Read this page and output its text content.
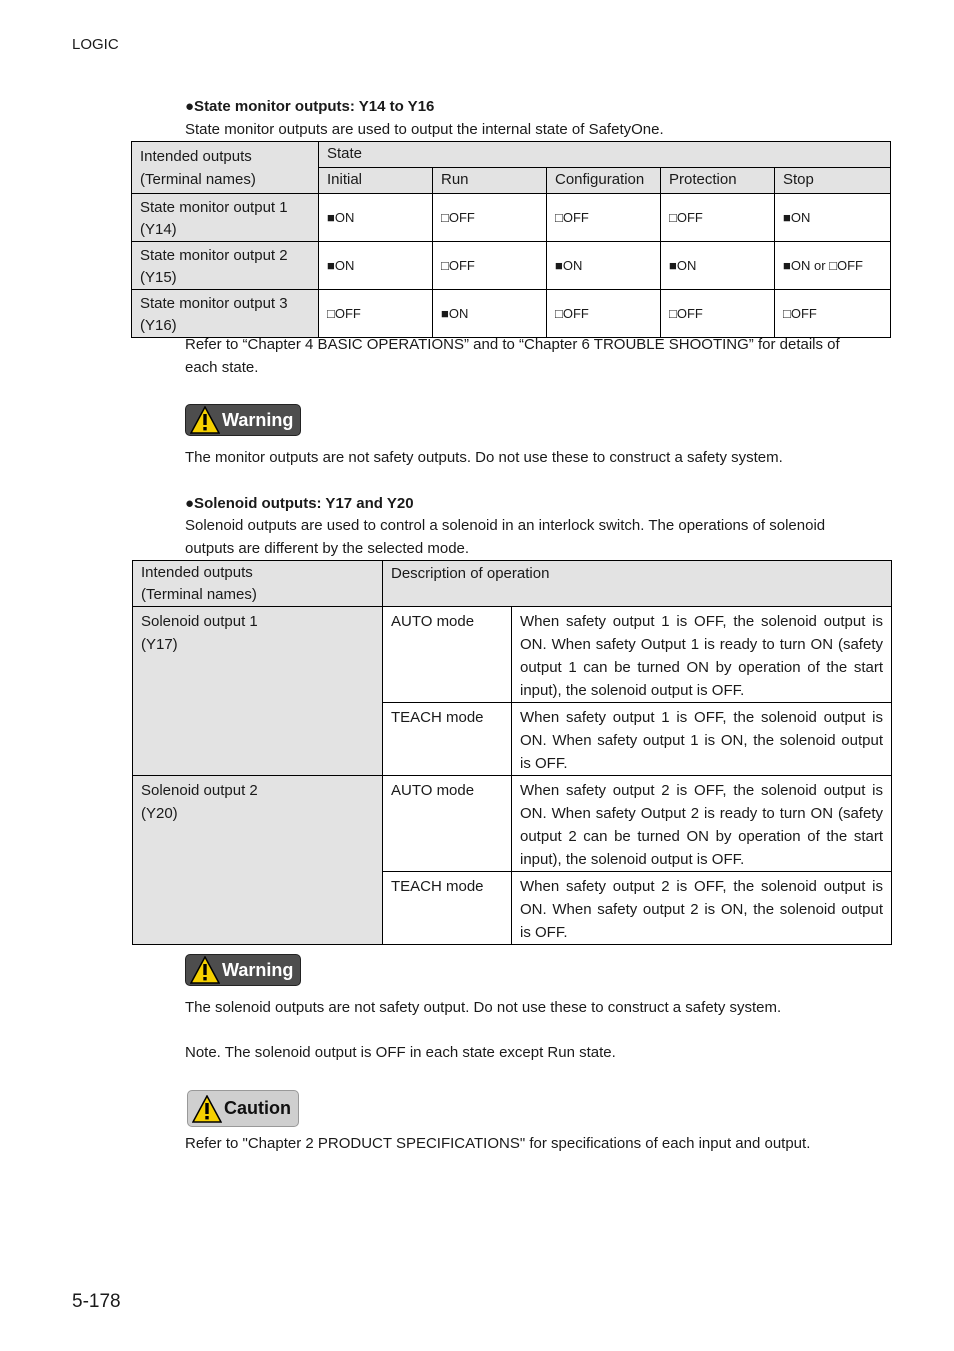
LOGIC
●State monitor outputs: Y14 to Y16
State monitor outputs are used to output the internal state of SafetyOne.
Intended outputs
(Terminal names)	State				
	Initial	Run	Configuration	Protection	Stop

State monitor output 1
(Y14)	■ON	□OFF	□OFF	□OFF	■ON

State monitor output 2
(Y15)	■ON	□OFF	■ON	■ON	■ON or □OFF

State monitor output 3
(Y16)	□OFF	■ON	□OFF	□OFF	□OFF
Refer to “Chapter 4 BASIC OPERATIONS” and to “Chapter 6 TROUBLE SHOOTING” for details of
each state.
Warning
The monitor outputs are not safety outputs. Do not use these to construct a safety system.
●Solenoid outputs: Y17 and Y20
Solenoid outputs are used to control a solenoid in an interlock switch. The operations of solenoid
outputs are different by the selected mode.
Intended outputs
(Terminal names)	Description of operation	

Solenoid output 1
(Y17)	AUTO mode	When safety output 1 is OFF, the solenoid output is ON. When safety Output 1 is ready to turn ON (safety output 1 can be turned ON by operation of the start input), the solenoid output is OFF.
	TEACH mode	When safety output 1 is OFF, the solenoid output is ON. When safety output 1 is ON, the solenoid output is OFF.

Solenoid output 2
(Y20)	AUTO mode	When safety output 2 is OFF, the solenoid output is ON. When safety Output 2 is ready to turn ON (safety output 2 can be turned ON by operation of the start input), the solenoid output is OFF.
	TEACH mode	When safety output 2 is OFF, the solenoid output is ON. When safety output 2 is ON, the solenoid output is OFF.
Warning
The solenoid outputs are not safety output. Do not use these to construct a safety system.
Note. The solenoid output is OFF in each state except Run state.
Caution
Refer to "Chapter 2 PRODUCT SPECIFICATIONS" for specifications of each input and output.
5-178
